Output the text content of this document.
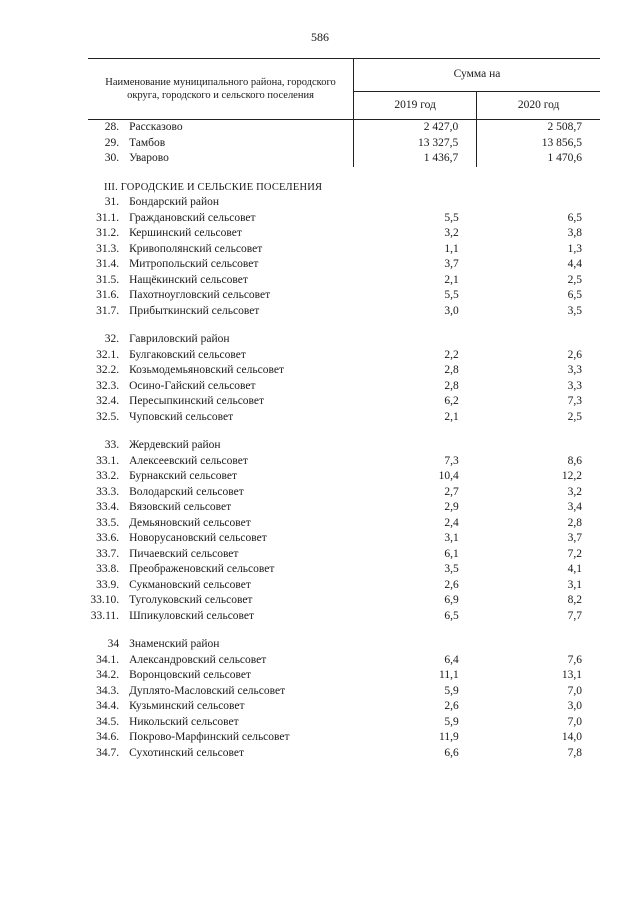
586
Наименование муниципального района, городского округа, городского и сельского поселения		Сумма на	
		2019 год	2020 год
28.	Рассказово	2 427,0	2 508,7
29.	Тамбов	13 327,5	13 856,5
30.	Уварово	1 436,7	1 470,6

III. ГОРОДСКИЕ И СЕЛЬСКИЕ ПОСЕЛЕНИЯ			
31.	Бондарский район		
31.1.	Граждановский сельсовет	5,5	6,5
31.2.	Кершинский сельсовет	3,2	3,8
31.3.	Кривополянский сельсовет	1,1	1,3
31.4.	Митропольский сельсовет	3,7	4,4
31.5.	Нащёкинский сельсовет	2,1	2,5
31.6.	Пахотноугловский сельсовет	5,5	6,5
31.7.	Прибыткинский сельсовет	3,0	3,5

32.	Гавриловский район		
32.1.	Булгаковский сельсовет	2,2	2,6
32.2.	Козьмодемьяновский сельсовет	2,8	3,3
32.3.	Осино-Гайский сельсовет	2,8	3,3
32.4.	Пересыпкинский сельсовет	6,2	7,3
32.5.	Чуповский сельсовет	2,1	2,5

33.	Жердевский район		
33.1.	Алексеевский сельсовет	7,3	8,6
33.2.	Бурнакский сельсовет	10,4	12,2
33.3.	Володарский сельсовет	2,7	3,2
33.4.	Вязовский сельсовет	2,9	3,4
33.5.	Демьяновский сельсовет	2,4	2,8
33.6.	Новорусановский сельсовет	3,1	3,7
33.7.	Пичаевский сельсовет	6,1	7,2
33.8.	Преображеновский сельсовет	3,5	4,1
33.9.	Сукмановский сельсовет	2,6	3,1
33.10.	Туголуковский сельсовет	6,9	8,2
33.11.	Шпикуловский сельсовет	6,5	7,7

34	Знаменский район		
34.1.	Александровский сельсовет	6,4	7,6
34.2.	Воронцовский сельсовет	11,1	13,1
34.3.	Дуплято-Масловский сельсовет	5,9	7,0
34.4.	Кузьминский сельсовет	2,6	3,0
34.5.	Никольский сельсовет	5,9	7,0
34.6.	Покрово-Марфинский сельсовет	11,9	14,0
34.7.	Сухотинский сельсовет	6,6	7,8
